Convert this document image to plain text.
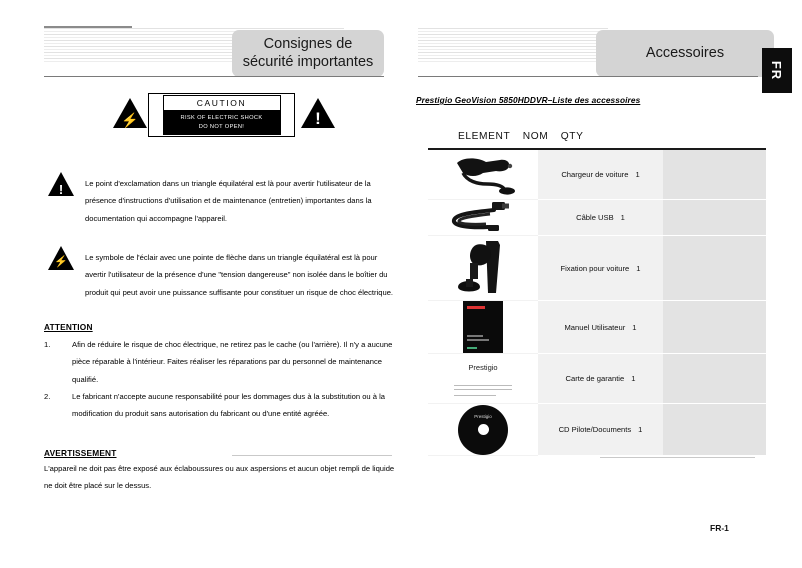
Consignes de
sécurité importantes
⚡
CAUTION
RISK OF ELECTRIC SHOCK
DO NOT OPEN!	!
!	Le point d'exclamation dans un triangle équilatéral est là pour avertir l'utilisateur de la présence d'instructions d'utilisation et de maintenance (entretien) importantes dans la documentation qui accompagne l'appareil.
⚡	Le symbole de l'éclair avec une pointe de flèche dans un triangle équilatéral est là pour avertir l'utilisateur de la présence d'une "tension dangereuse" non isolée dans le boîtier du produit qui peut avoir une puissance suffisante pour constituer un risque de choc électrique.
ATTENTION
1.	Afin de réduire le risque de choc électrique, ne retirez pas le cache (ou l'arrière). Il n'y a aucune pièce réparable à l'intérieur. Faites réaliser les réparations par du personnel de maintenance qualifié.
2.	Le fabricant n'accepte aucune responsabilité pour les dommages dus à la substitution ou à la modification du produit sans autorisation du fabricant ou d'une entité agréée.
AVERTISSEMENT
L'appareil ne doit pas être exposé aux éclaboussures ou aux aspersions et aucun objet rempli de liquide ne doit être placé sur le dessus.
Accessoires
FR
Prestigio GeoVision 5850HDDVR–Liste des accessoires
ELEMENT NOM QTY
Chargeur de voiture 1
Câble USB 1
Fixation pour voiture 1
Manuel Utilisateur 1
Prestigio
Carte de garantie 1
Prestigio

CD Pilote/Documents 1
FR-1
